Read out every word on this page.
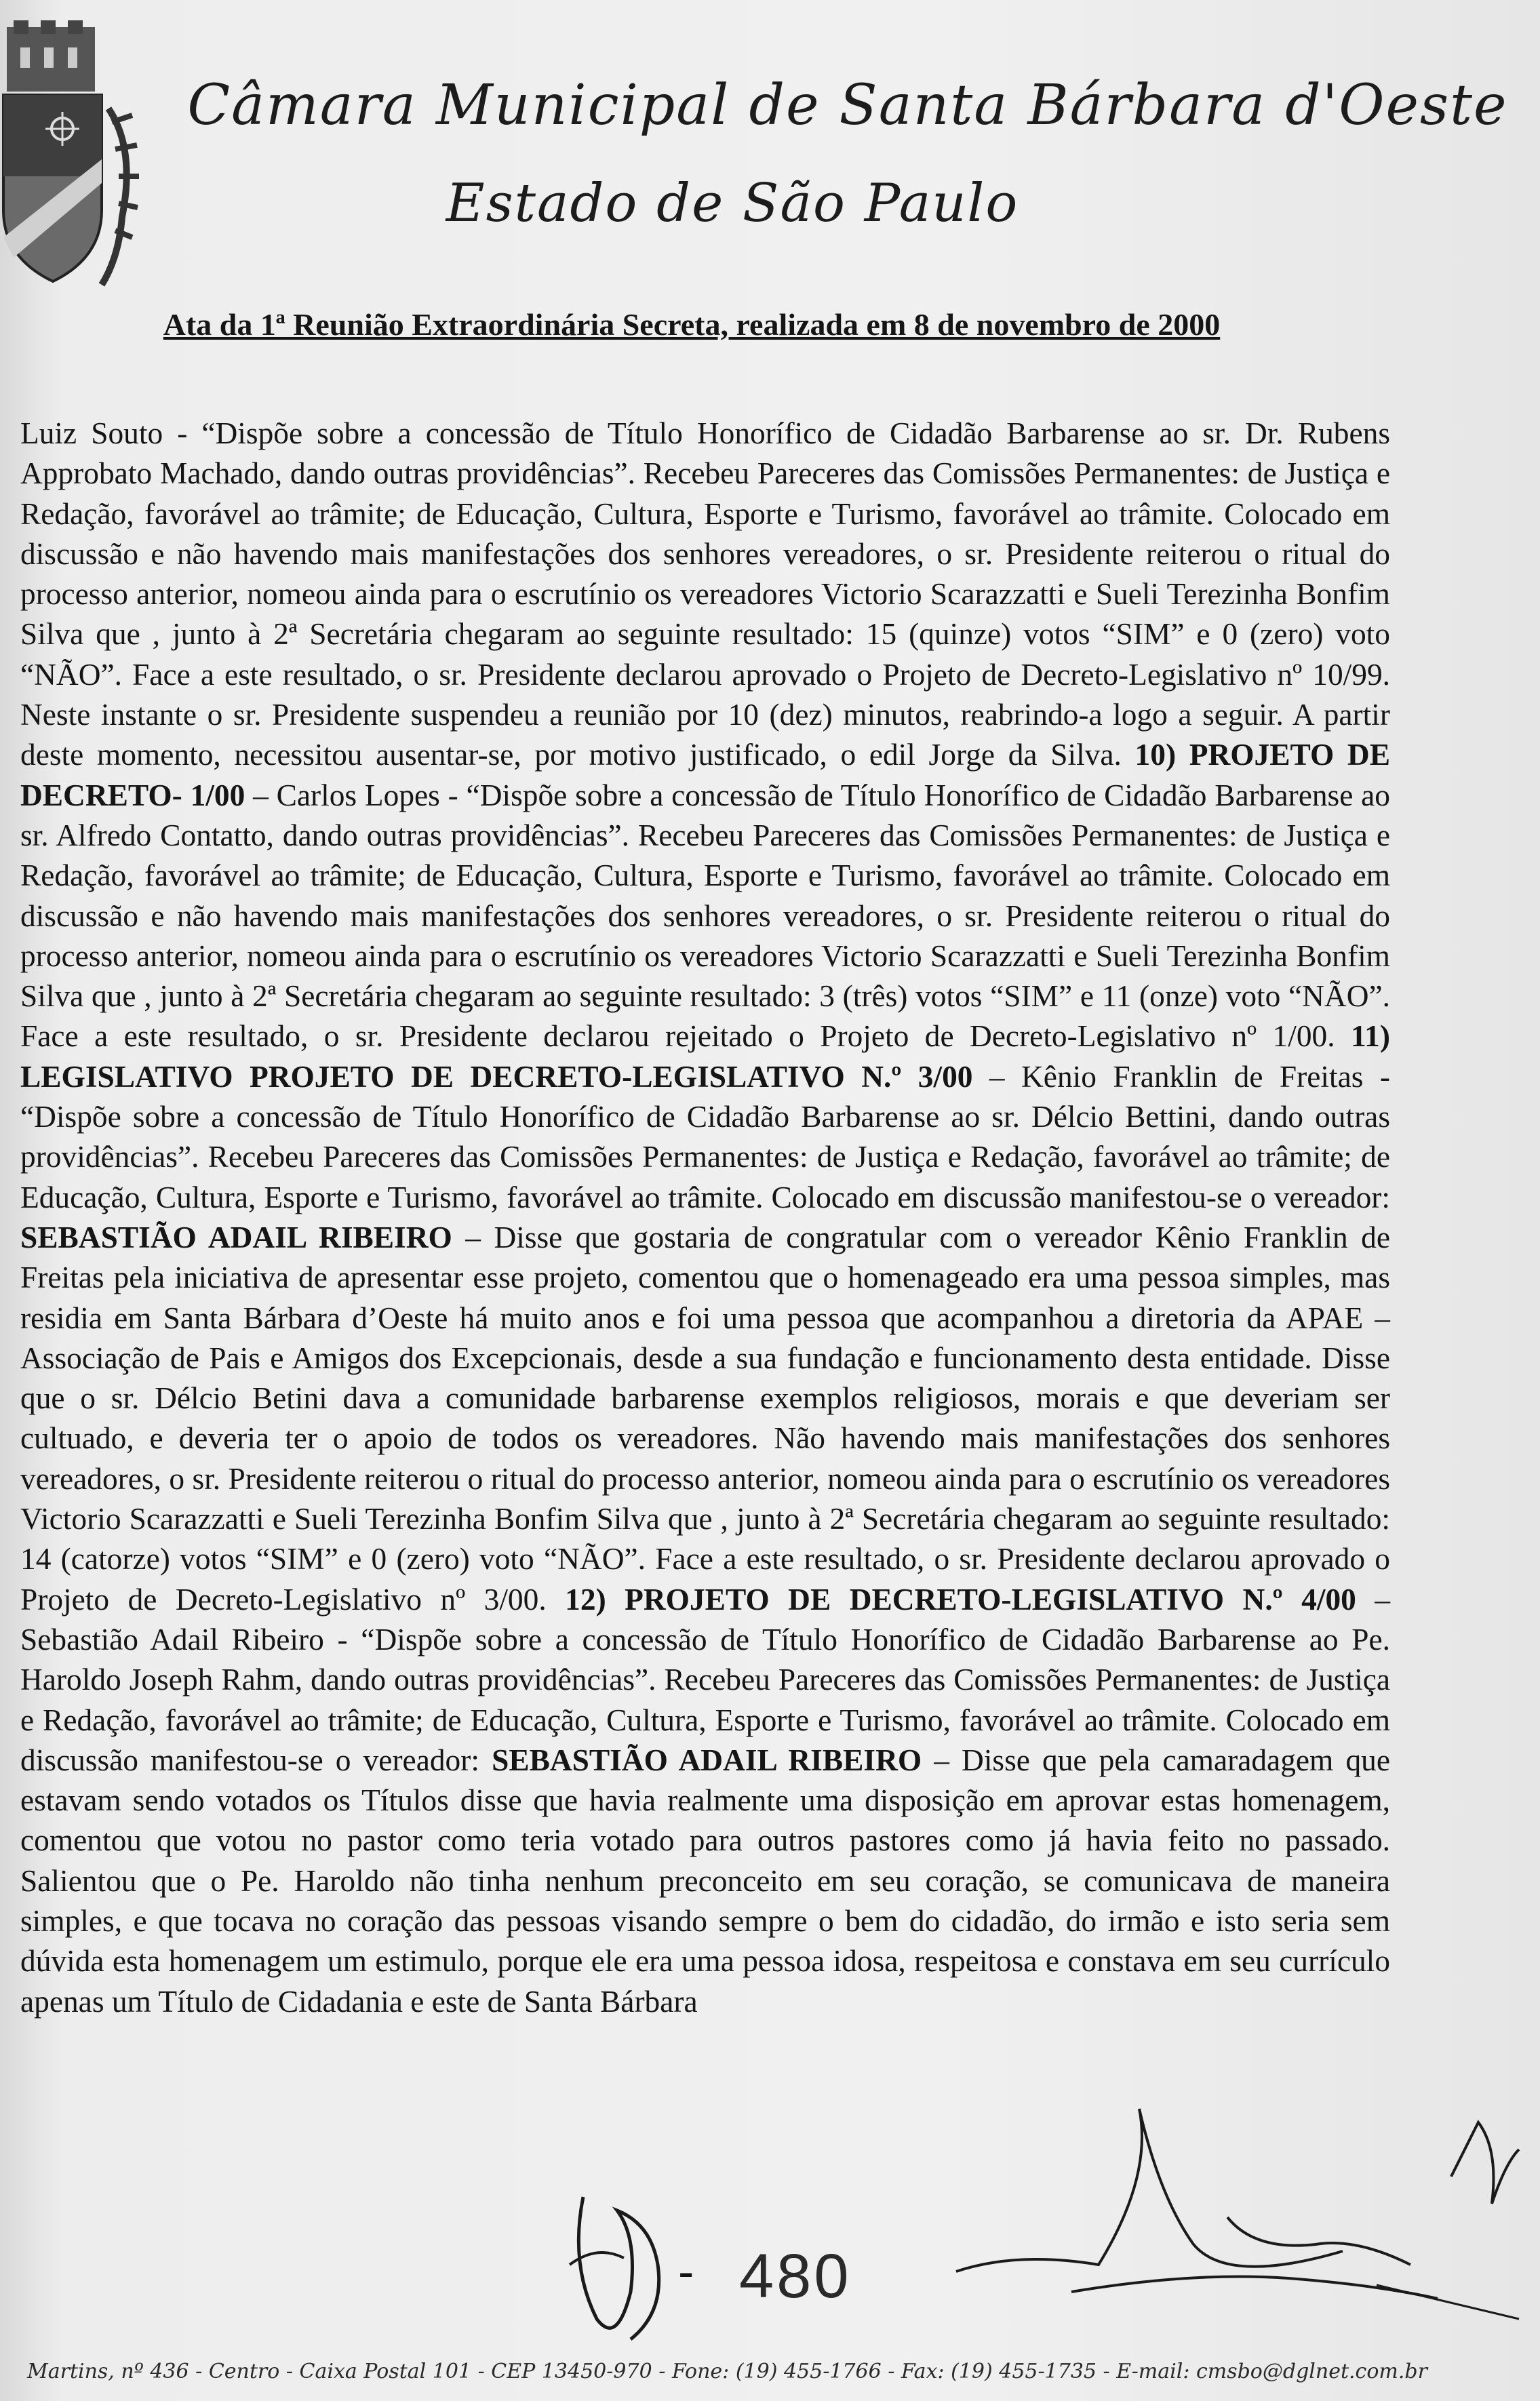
Câmara Municipal de Santa Bárbara d'Oeste
Estado de São Paulo
Ata da 1ª Reunião Extraordinária Secreta, realizada em 8 de novembro de 2000
Luiz Souto - “Dispõe sobre a concessão de Título Honorífico de Cidadão Barbarense ao sr. Dr. Rubens Approbato Machado, dando outras providências”. Recebeu Pareceres das Comissões Permanentes: de Justiça e Redação, favorável ao trâmite; de Educação, Cultura, Esporte e Turismo, favorável ao trâmite. Colocado em discussão e não havendo mais manifestações dos senhores vereadores, o sr. Presidente reiterou o ritual do processo anterior, nomeou ainda para o escrutínio os vereadores Victorio Scarazzatti e Sueli Terezinha Bonfim Silva que , junto à 2ª Secretária chegaram ao seguinte resultado: 15 (quinze) votos “SIM” e 0 (zero) voto “NÃO”. Face a este resultado, o sr. Presidente declarou aprovado o Projeto de Decreto-Legislativo nº 10/99. Neste instante o sr. Presidente suspendeu a reunião por 10 (dez) minutos, reabrindo-a logo a seguir. A partir deste momento, necessitou ausentar-se, por motivo justificado, o edil Jorge da Silva. 10) PROJETO DE DECRETO- 1/00 – Carlos Lopes - “Dispõe sobre a concessão de Título Honorífico de Cidadão Barbarense ao sr. Alfredo Contatto, dando outras providências”. Recebeu Pareceres das Comissões Permanentes: de Justiça e Redação, favorável ao trâmite; de Educação, Cultura, Esporte e Turismo, favorável ao trâmite. Colocado em discussão e não havendo mais manifestações dos senhores vereadores, o sr. Presidente reiterou o ritual do processo anterior, nomeou ainda para o escrutínio os vereadores Victorio Scarazzatti e Sueli Terezinha Bonfim Silva que , junto à 2ª Secretária chegaram ao seguinte resultado: 3 (três) votos “SIM” e 11 (onze) voto “NÃO”. Face a este resultado, o sr. Presidente declarou rejeitado o Projeto de Decreto-Legislativo nº 1/00. 11) LEGISLATIVO PROJETO DE DECRETO-LEGISLATIVO N.º 3/00 – Kênio Franklin de Freitas - “Dispõe sobre a concessão de Título Honorífico de Cidadão Barbarense ao sr. Délcio Bettini, dando outras providências”. Recebeu Pareceres das Comissões Permanentes: de Justiça e Redação, favorável ao trâmite; de Educação, Cultura, Esporte e Turismo, favorável ao trâmite. Colocado em discussão manifestou-se o vereador: SEBASTIÃO ADAIL RIBEIRO – Disse que gostaria de congratular com o vereador Kênio Franklin de Freitas pela iniciativa de apresentar esse projeto, comentou que o homenageado era uma pessoa simples, mas residia em Santa Bárbara d’Oeste há muito anos e foi uma pessoa que acompanhou a diretoria da APAE – Associação de Pais e Amigos dos Excepcionais, desde a sua fundação e funcionamento desta entidade. Disse que o sr. Délcio Betini dava a comunidade barbarense exemplos religiosos, morais e que deveriam ser cultuado, e deveria ter o apoio de todos os vereadores. Não havendo mais manifestações dos senhores vereadores, o sr. Presidente reiterou o ritual do processo anterior, nomeou ainda para o escrutínio os vereadores Victorio Scarazzatti e Sueli Terezinha Bonfim Silva que , junto à 2ª Secretária chegaram ao seguinte resultado: 14 (catorze) votos “SIM” e 0 (zero) voto “NÃO”. Face a este resultado, o sr. Presidente declarou aprovado o Projeto de Decreto-Legislativo nº 3/00. 12) PROJETO DE DECRETO-LEGISLATIVO N.º 4/00 – Sebastião Adail Ribeiro - “Dispõe sobre a concessão de Título Honorífico de Cidadão Barbarense ao Pe. Haroldo Joseph Rahm, dando outras providências”. Recebeu Pareceres das Comissões Permanentes: de Justiça e Redação, favorável ao trâmite; de Educação, Cultura, Esporte e Turismo, favorável ao trâmite. Colocado em discussão manifestou-se o vereador: SEBASTIÃO ADAIL RIBEIRO – Disse que pela camaradagem que estavam sendo votados os Títulos disse que havia realmente uma disposição em aprovar estas homenagem, comentou que votou no pastor como teria votado para outros pastores como já havia feito no passado. Salientou que o Pe. Haroldo não tinha nenhum preconceito em seu coração, se comunicava de maneira simples, e que tocava no coração das pessoas visando sempre o bem do cidadão, do irmão e isto seria sem dúvida esta homenagem um estimulo, porque ele era uma pessoa idosa, respeitosa e constava em seu currículo apenas um Título de Cidadania e este de Santa Bárbara
- 480
Martins, nº 436 - Centro - Caixa Postal 101 - CEP 13450-970 - Fone: (19) 455-1766 - Fax: (19) 455-1735 - E-mail: cmsbo@dglnet.com.br
